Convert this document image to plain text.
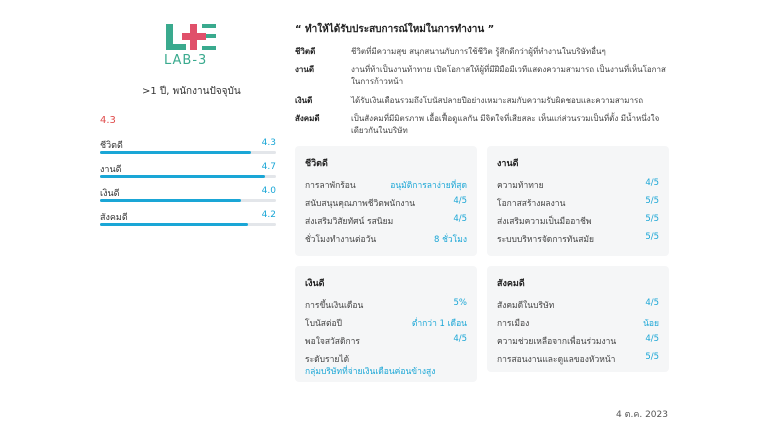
LAB-3
>1 ปี, พนักงานปัจจุบัน
4.3
ชีวิตดี	4.3
งานดี	4.7
เงินดี	4.0
สังคมดี	4.2
“ ทำให้ได้รับประสบการณ์ใหม่ในการทำงาน ”
ชีวิตดี	ชีวิตที่มีความสุข สนุกสนานกับการใช้ชีวิต รู้สึกดีกว่าผู้ที่ทำงานในบริษัทอื่นๆ
งานดี	งานที่ท้าเป็นงานท้าทาย เปิดโอกาสให้ผู้ที่มีฝีมือมีเวทีแสดงความสามารถ เป็นงานที่เห็นโอกาสในการก้าวหน้า
เงินดี	ได้รับเงินเดือนรวมถึงโบนัสปลายปีอย่างเหมาะสมกับความรับผิดชอบและความสามารถ
สังคมดี	เป็นสังคมที่มีมิตรภาพ เอื้อเฟื้อดูแลกัน มีจิตใจที่เสียสละ เห็นแก่ส่วนรวมเป็นที่ตั้ง มีน้ำหนึ่งใจเดียวกันในบริษัท
ชีวิตดี
การลาพักร้อน	อนุมัติการลาง่ายที่สุด
สนับสนุนคุณภาพชีวิตพนักงาน	4/5
ส่งเสริมวิสัยทัศน์ รสนิยม	4/5
ชั่วโมงทำงานต่อวัน	8 ชั่วโมง
งานดี
ความท้าทาย	4/5
โอกาสสร้างผลงาน	5/5
ส่งเสริมความเป็นมืออาชีพ	5/5
ระบบบริหารจัดการทันสมัย	5/5
เงินดี
การขึ้นเงินเดือน	5%
โบนัสต่อปี	ต่ำกว่า 1 เดือน
พอใจสวัสดิการ	4/5
ระดับรายได้
กลุ่มบริษัทที่จ่ายเงินเดือนค่อนข้างสูง
สังคมดี
สังคมดีในบริษัท	4/5
การเมือง	น้อย
ความช่วยเหลือจากเพื่อนร่วมงาน	4/5
การสอนงานและดูแลของหัวหน้า	5/5
4 ต.ค. 2023
